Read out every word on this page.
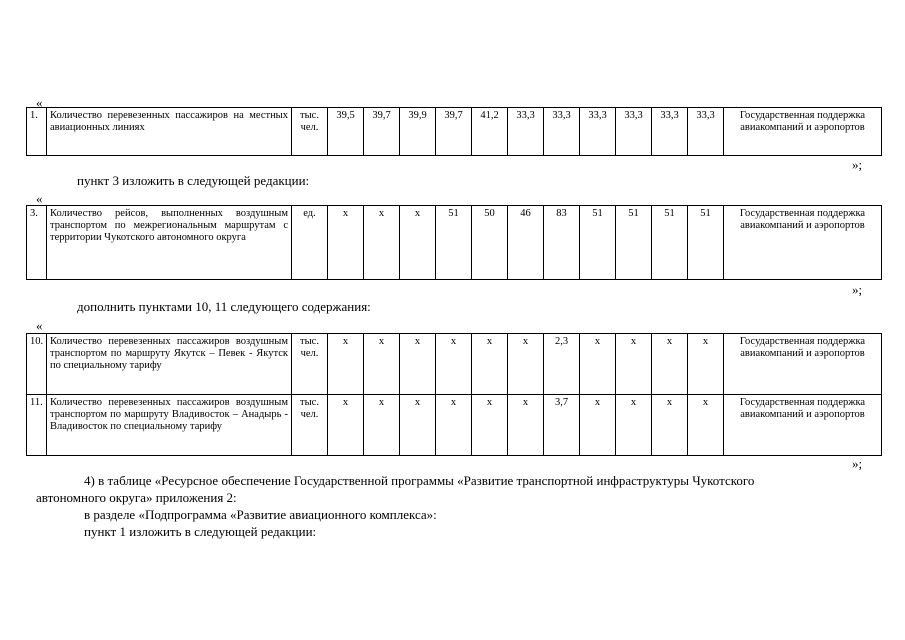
«
1.	Количество перевезенных пассажиров на местных авиационных линиях	тыс. чел.	39,5	39,7	39,9	39,7	41,2	33,3	33,3	33,3	33,3	33,3	33,3	Государственная поддержка авиакомпаний и аэропортов
»;
пункт 3 изложить в следующей редакции:
«
3.	Количество рейсов, выполненных воздушным транспортом по межрегиональным маршрутам с территории Чукотского автономного округа	ед.	х	х	х	51	50	46	83	51	51	51	51	Государственная поддержка авиакомпаний и аэропортов
»;
дополнить пунктами 10, 11 следующего содержания:
«
10.	Количество перевезенных пассажиров воздушным транспортом по маршруту Якутск – Певек - Якутск по специальному тарифу	тыс. чел.	х	х	х	х	х	х	2,3	х	х	х	х	Государственная поддержка авиакомпаний и аэропортов
11.	Количество перевезенных пассажиров воздушным транспортом по маршруту Владивосток – Анадырь - Владивосток по специальному тарифу	тыс. чел.	х	х	х	х	х	х	3,7	х	х	х	х	Государственная поддержка авиакомпаний и аэропортов
»;
4) в таблице «Ресурсное обеспечение Государственной программы «Развитие транспортной инфраструктуры Чукотского
автономного округа» приложения 2:
в разделе «Подпрограмма «Развитие авиационного комплекса»:
пункт 1 изложить в следующей редакции:
